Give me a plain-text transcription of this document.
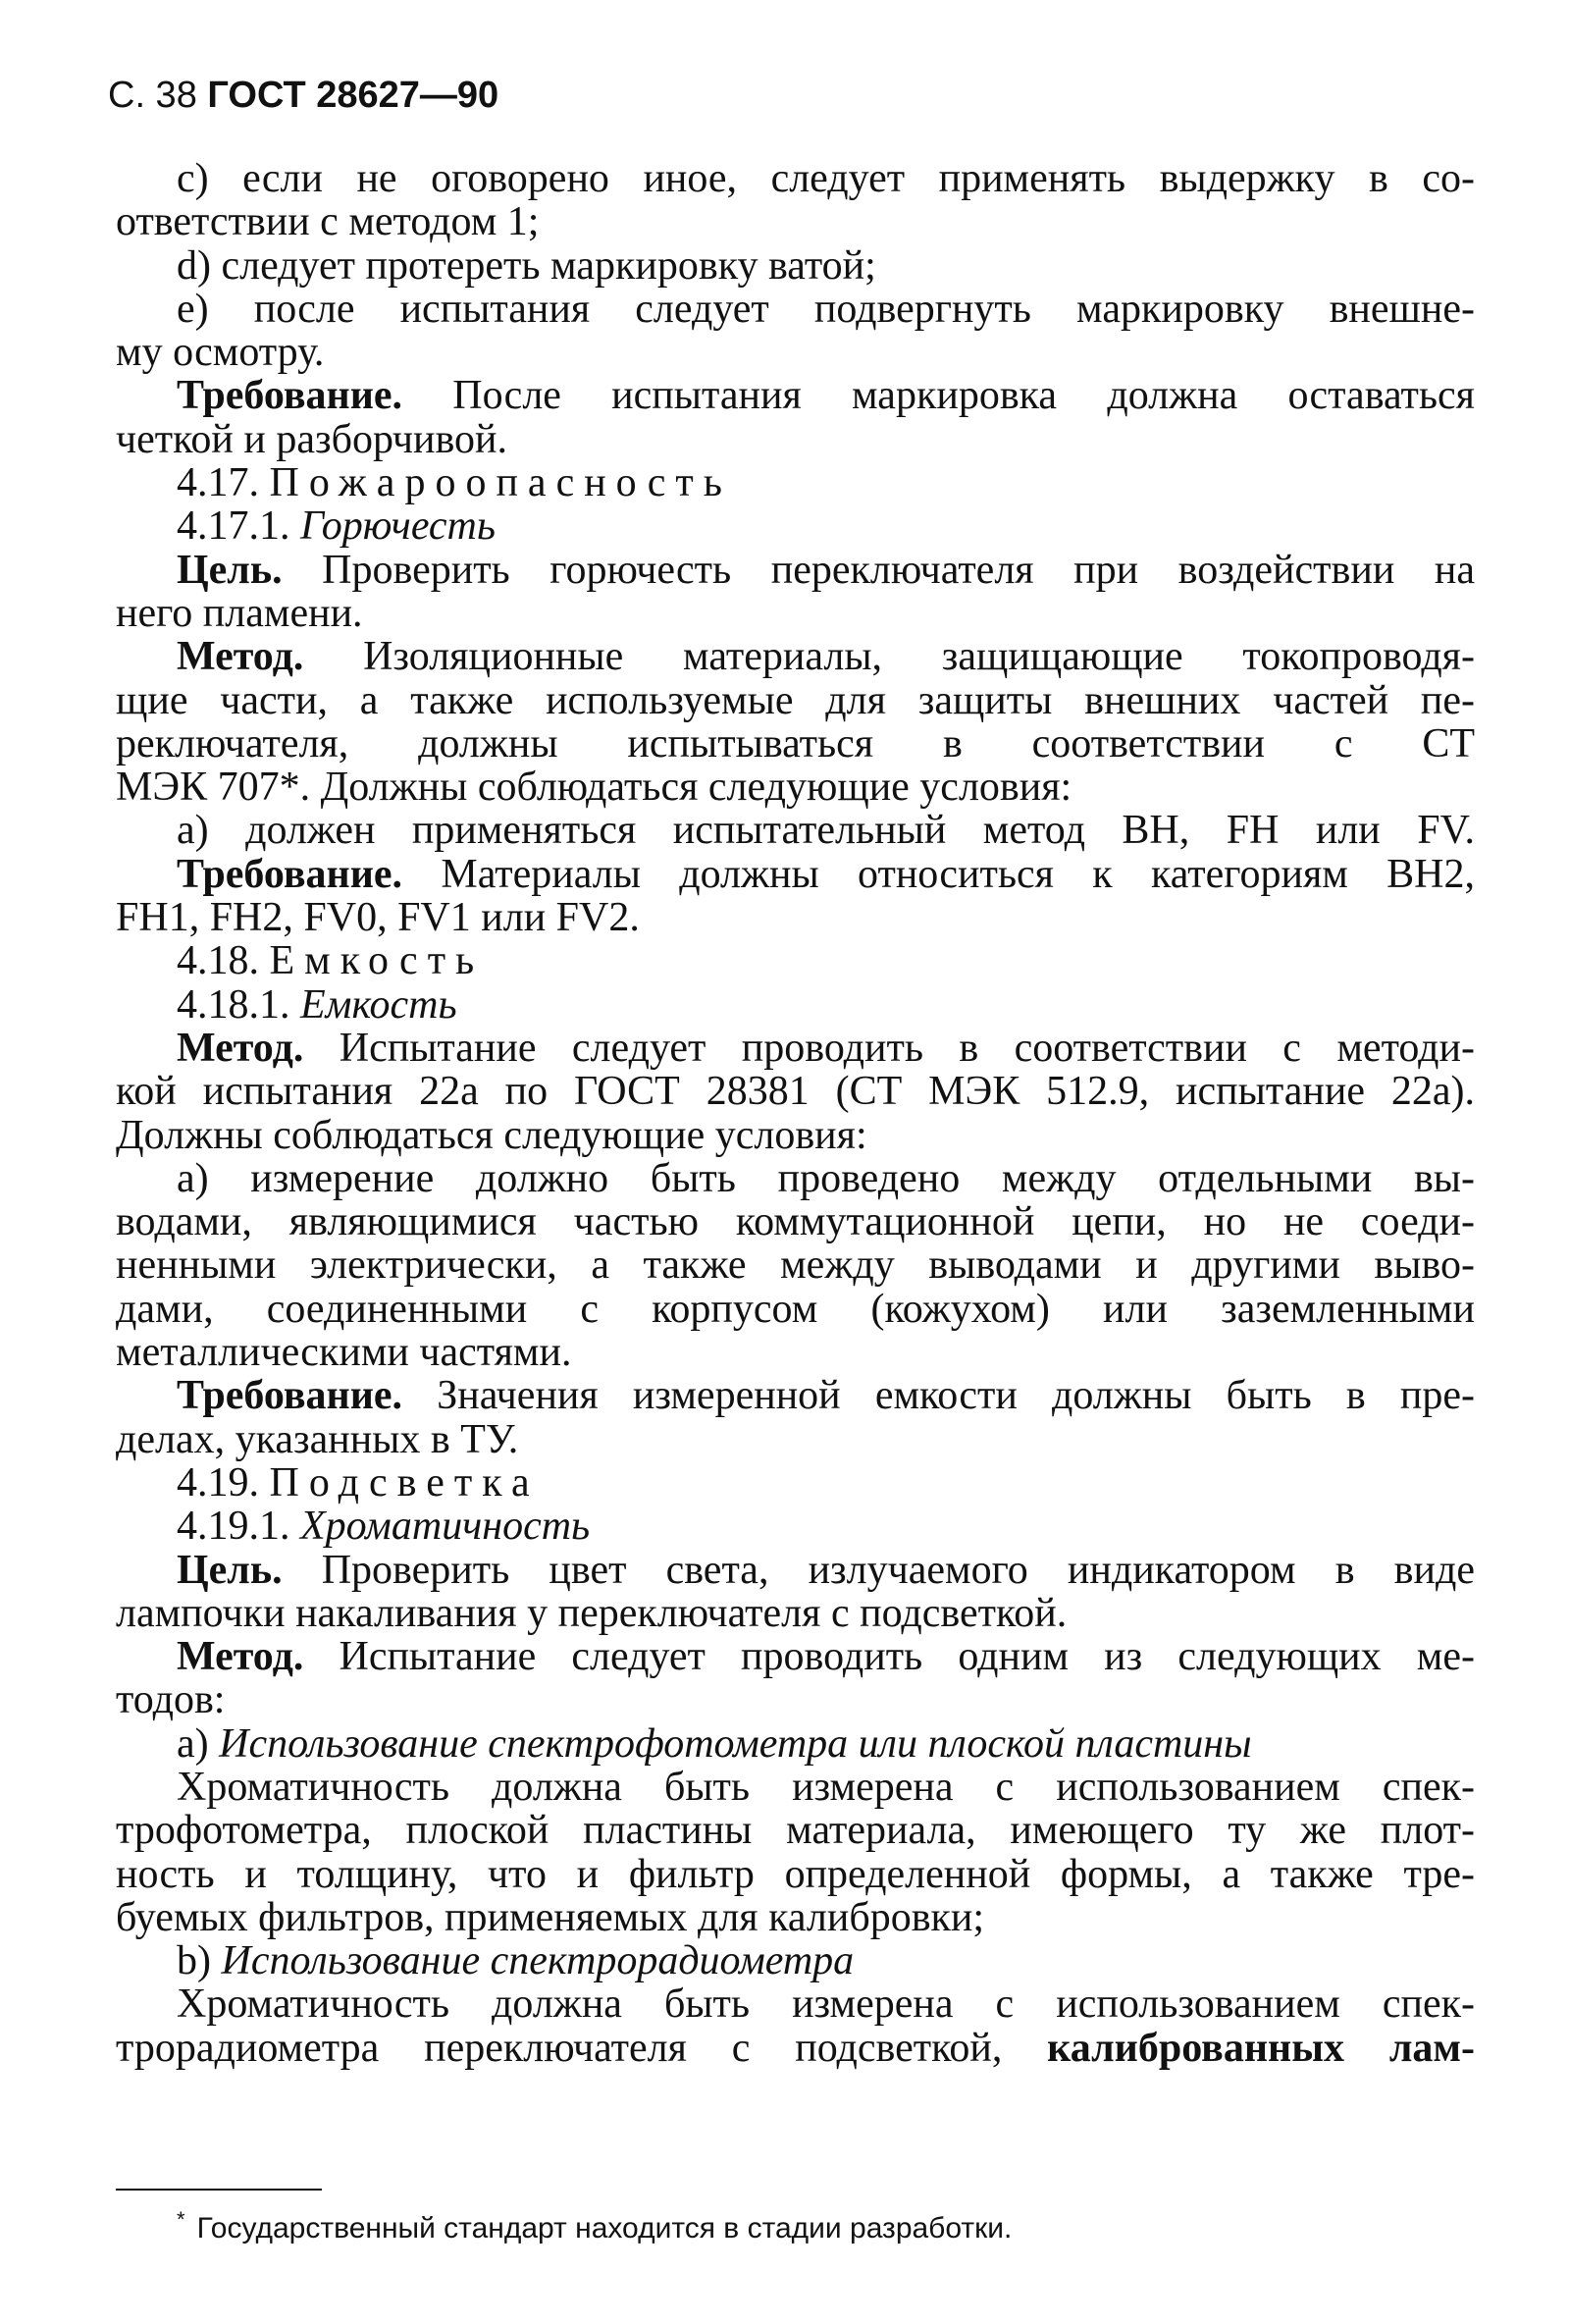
С. 38 ГОСТ 28627—90
с) если не оговорено иное, следует применять выдержку в со-
ответствии с методом 1;
d) следует протереть маркировку ватой;
е) после испытания следует подвергнуть маркировку внешне-
му осмотру.
Требование. После испытания маркировка должна оставаться
четкой и разборчивой.
4.17. Пожароопасность
4.17.1. Горючесть
Цель. Проверить горючесть переключателя при воздействии на
него пламени.
Метод. Изоляционные материалы, защищающие токопроводя-
щие части, а также используемые для защиты внешних частей пе-
реключателя, должны испытываться в соответствии с СТ
МЭК 707*. Должны соблюдаться следующие условия:
а) должен применяться испытательный метод ВН, FН или FV.
Требование. Материалы должны относиться к категориям ВН2,
FН1, FН2, FV0, FV1 или FV2.
4.18. Емкость
4.18.1. Емкость
Метод. Испытание следует проводить в соответствии с методи-
кой испытания 22а по ГОСТ 28381 (СТ МЭК 512.9, испытание 22а).
Должны соблюдаться следующие условия:
а) измерение должно быть проведено между отдельными вы-
водами, являющимися частью коммутационной цепи, но не соеди-
ненными электрически, а также между выводами и другими выво-
дами, соединенными с корпусом (кожухом) или заземленными
металлическими частями.
Требование. Значения измеренной емкости должны быть в пре-
делах, указанных в ТУ.
4.19. Подсветка
4.19.1. Хроматичность
Цель. Проверить цвет света, излучаемого индикатором в виде
лампочки накаливания у переключателя с подсветкой.
Метод. Испытание следует проводить одним из следующих ме-
тодов:
а) Использование спектрофотометра или плоской пластины
Хроматичность должна быть измерена с использованием спек-
трофотометра, плоской пластины материала, имеющего ту же плот-
ность и толщину, что и фильтр определенной формы, а также тре-
буемых фильтров, применяемых для калибровки;
b) Использование спектрорадиометра
Хроматичность должна быть измерена с использованием спек-
трорадиометра переключателя с подсветкой, калиброванных лам-
* Государственный стандарт находится в стадии разработки.
